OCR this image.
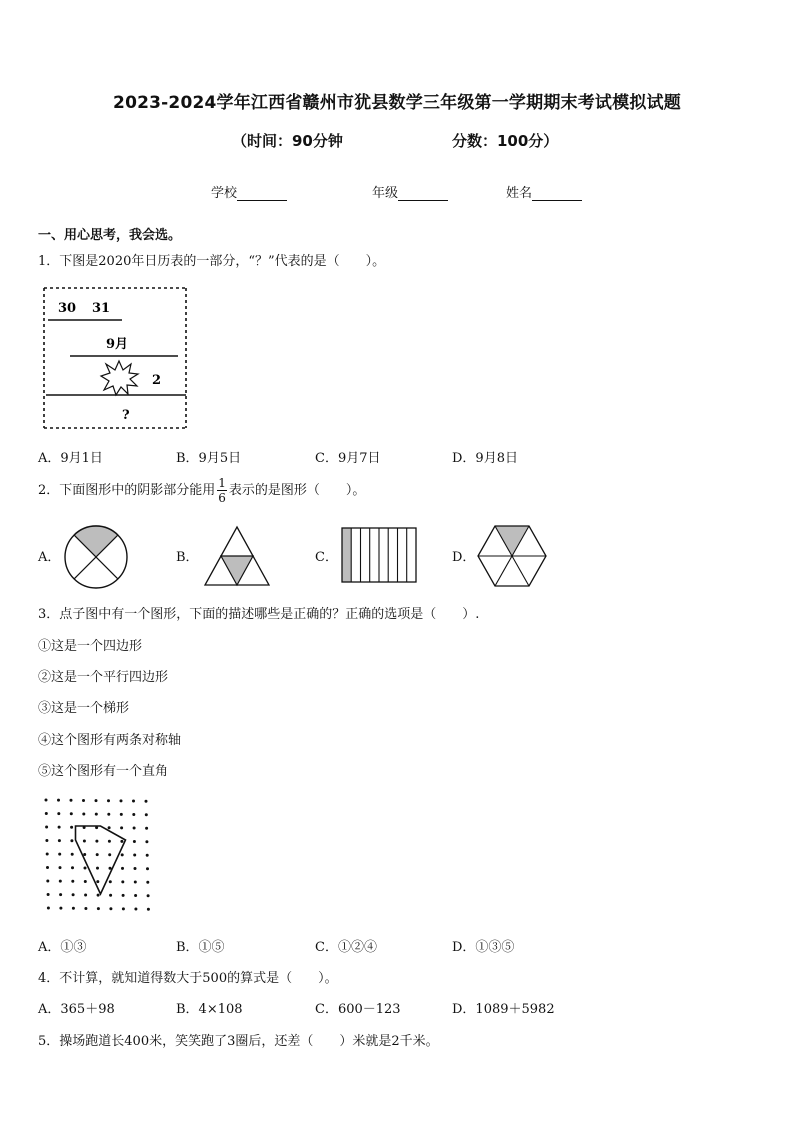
2023-2024学年江西省赣州市犹县数学三年级第一学期期末考试模拟试题
（时间：90分钟	分数：100分）
学校	年级	姓名
一、用心思考，我会选。
1．下图是2020年日历表的一部分，“？”代表的是（　　）。
30 31
9月
2
?
A．9月1日	B．9月5日	C．9月7日	D．9月8日
2．下面图形中的阴影部分能用 $\frac{1}{6}$ 表示的是图形（　　）。
A．	B．	C．	D．
3．点子图中有一个图形，下面的描述哪些是正确的？正确的选项是（　　）.
①这是一个四边形
②这是一个平行四边形
③这是一个梯形
④这个图形有两条对称轴
⑤这个图形有一个直角
A．①③	B．①⑤	C．①②④	D．①③⑤
4．不计算，就知道得数大于500的算式是（　　）。
A．365＋98	B．4×108	C．600－123	D．1089＋5982
5．操场跑道长400米，笑笑跑了3圈后，还差（　　）米就是2千米。
